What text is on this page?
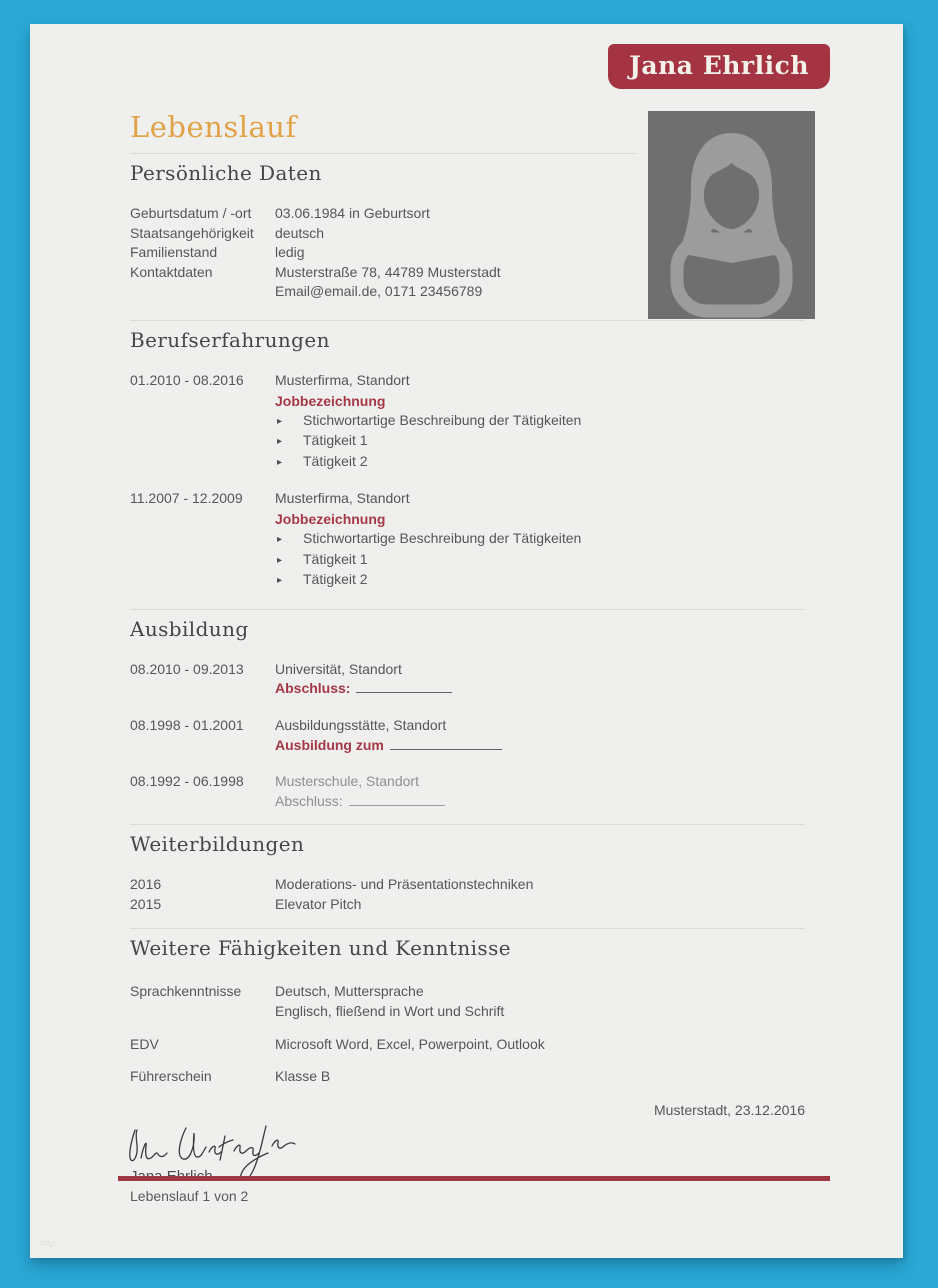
Jana Ehrlich
Lebenslauf
Persönliche Daten
Geburtsdatum / -ort	03.06.1984 in Geburtsort
Staatsangehörigkeit	deutsch
Familienstand	ledig
Kontaktdaten	Musterstraße 78, 44789 Musterstadt
Email@email.de, 0171 23456789
Berufserfahrungen
01.2010 - 08.2016	Musterfirma, Standort
Jobbezeichnung
▸	Stichwortartige Beschreibung der Tätigkeiten
▸	Tätigkeit 1
▸	Tätigkeit 2
11.2007 - 12.2009	Musterfirma, Standort
Jobbezeichnung
▸	Stichwortartige Beschreibung der Tätigkeiten
▸	Tätigkeit 1
▸	Tätigkeit 2
Ausbildung
08.2010 - 09.2013	Universität, Standort
Abschluss:
08.1998 - 01.2001	Ausbildungsstätte, Standort
Ausbildung zum
08.1992 - 06.1998	Musterschule, Standort
Abschluss:
Weiterbildungen
2016	Moderations- und Präsentationstechniken
2015	Elevator Pitch
Weitere Fähigkeiten und Kenntnisse
Sprachkenntnisse	Deutsch, Muttersprache
Englisch, fließend in Wort und Schrift
EDV	Microsoft Word, Excel, Powerpoint, Outlook
Führerschein	Klasse B
Musterstadt, 23.12.2016
Lebenslauf 1 von 2
http
